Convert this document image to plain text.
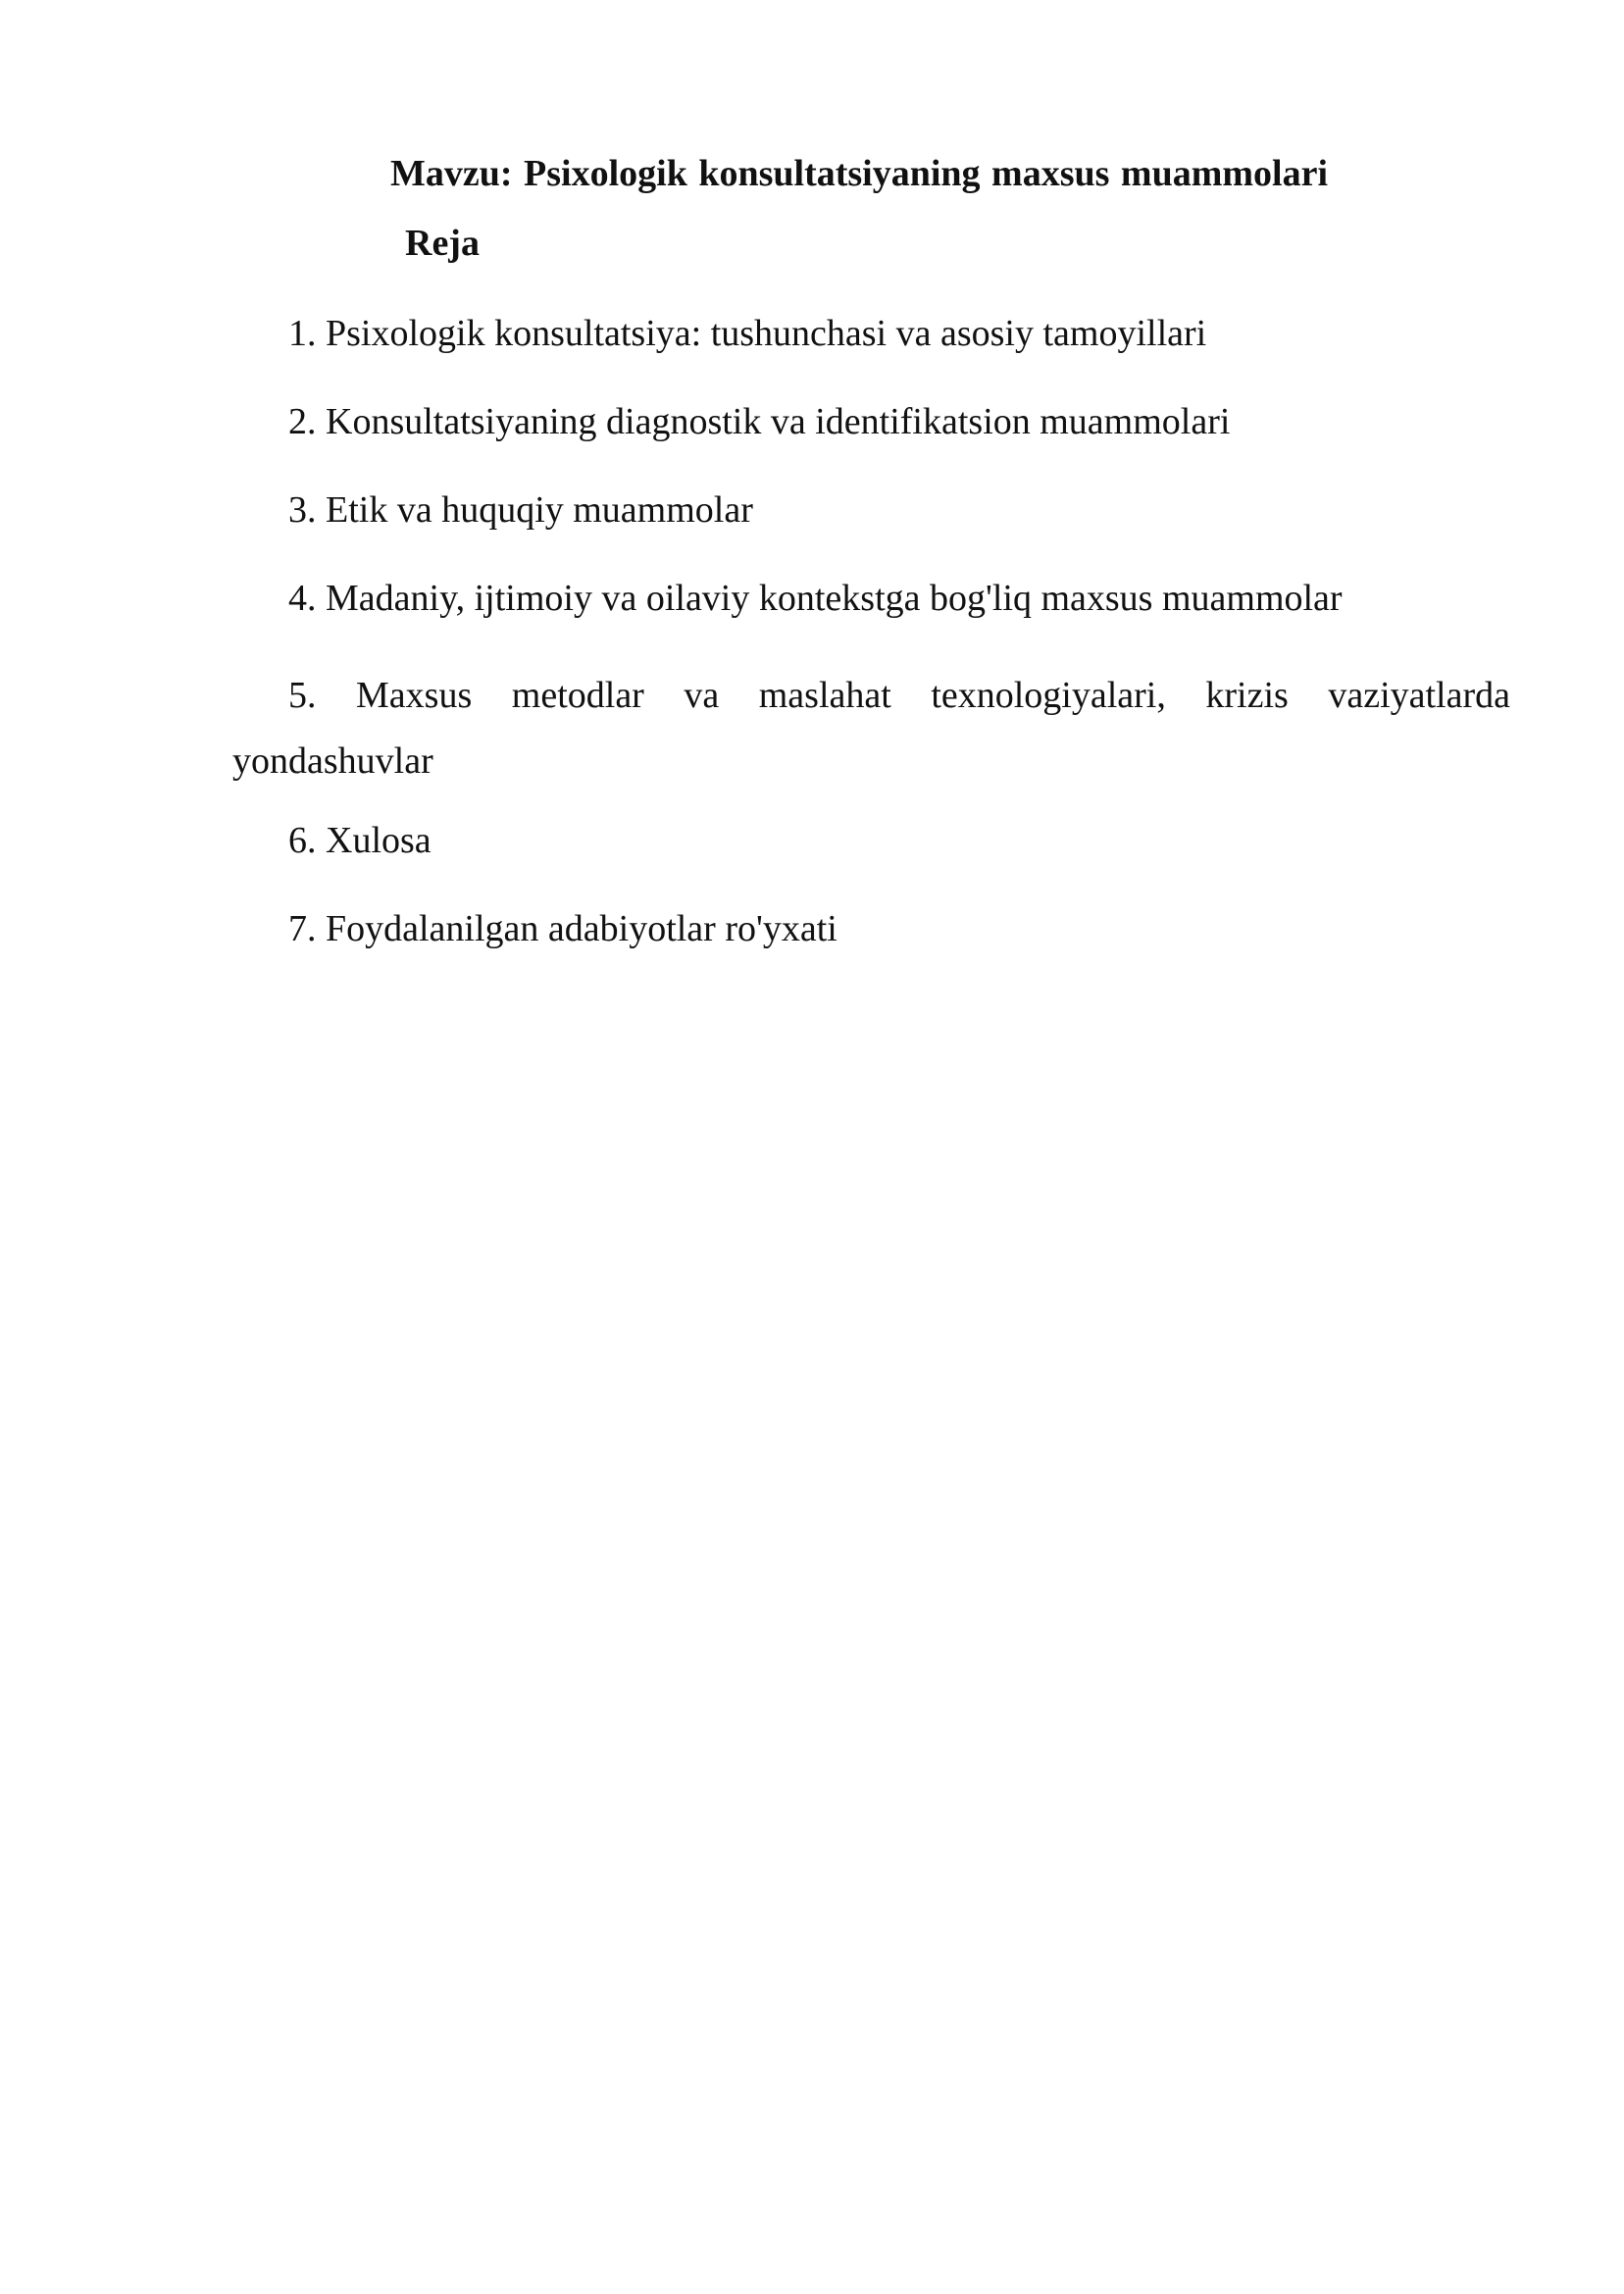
Mavzu: Psixologik konsultatsiyaning maxsus muammolari
Reja
1. Psixologik konsultatsiya: tushunchasi va asosiy tamoyillari
2. Konsultatsiyaning diagnostik va identifikatsion muammolari
3. Etik va huquqiy muammolar
4. Madaniy, ijtimoiy va oilaviy kontekstga bog'liq maxsus muammolar
5. Maxsus metodlar va maslahat texnologiyalari, krizis vaziyatlarda
yondashuvlar
6. Xulosa
7. Foydalanilgan adabiyotlar ro'yxati
